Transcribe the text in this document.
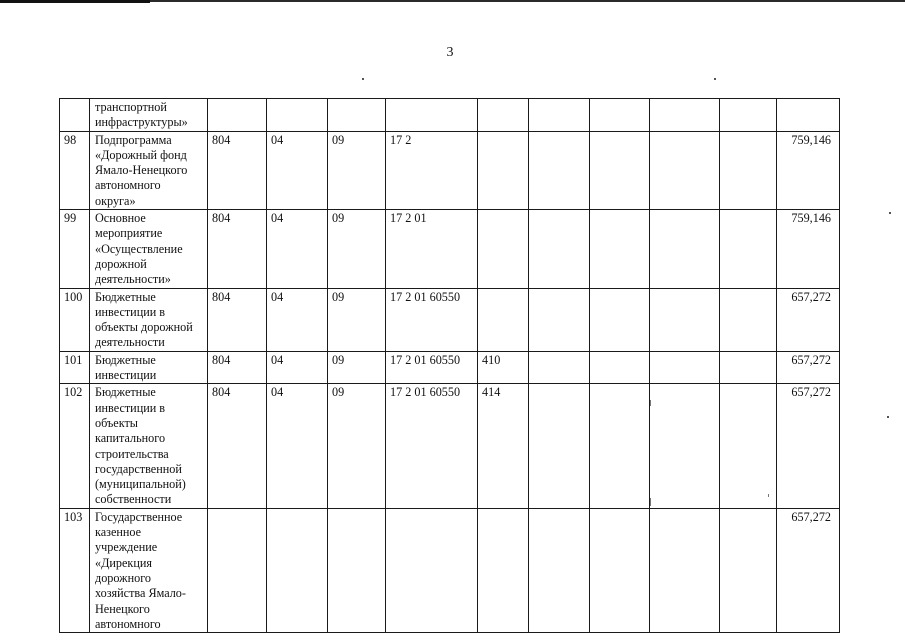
3
	транспортной инфраструктуры»										
98	Подпрограмма «Дорожный фонд Ямало-Ненецкого автономного округа»	804	04	09	17 2						759,146
99	Основное мероприятие «Осуществление дорожной деятельности»	804	04	09	17 2 01						759,146
100	Бюджетные инвестиции в объекты дорожной деятельности	804	04	09	17 2 01 60550						657,272
101	Бюджетные инвестиции	804	04	09	17 2 01 60550	410					657,272
102	Бюджетные инвестиции в объекты капитального строительства государственной (муниципальной) собственности	804	04	09	17 2 01 60550	414					657,272
103	Государственное казенное учреждение «Дирекция дорожного хозяйства Ямало-Ненецкого автономного										657,272
